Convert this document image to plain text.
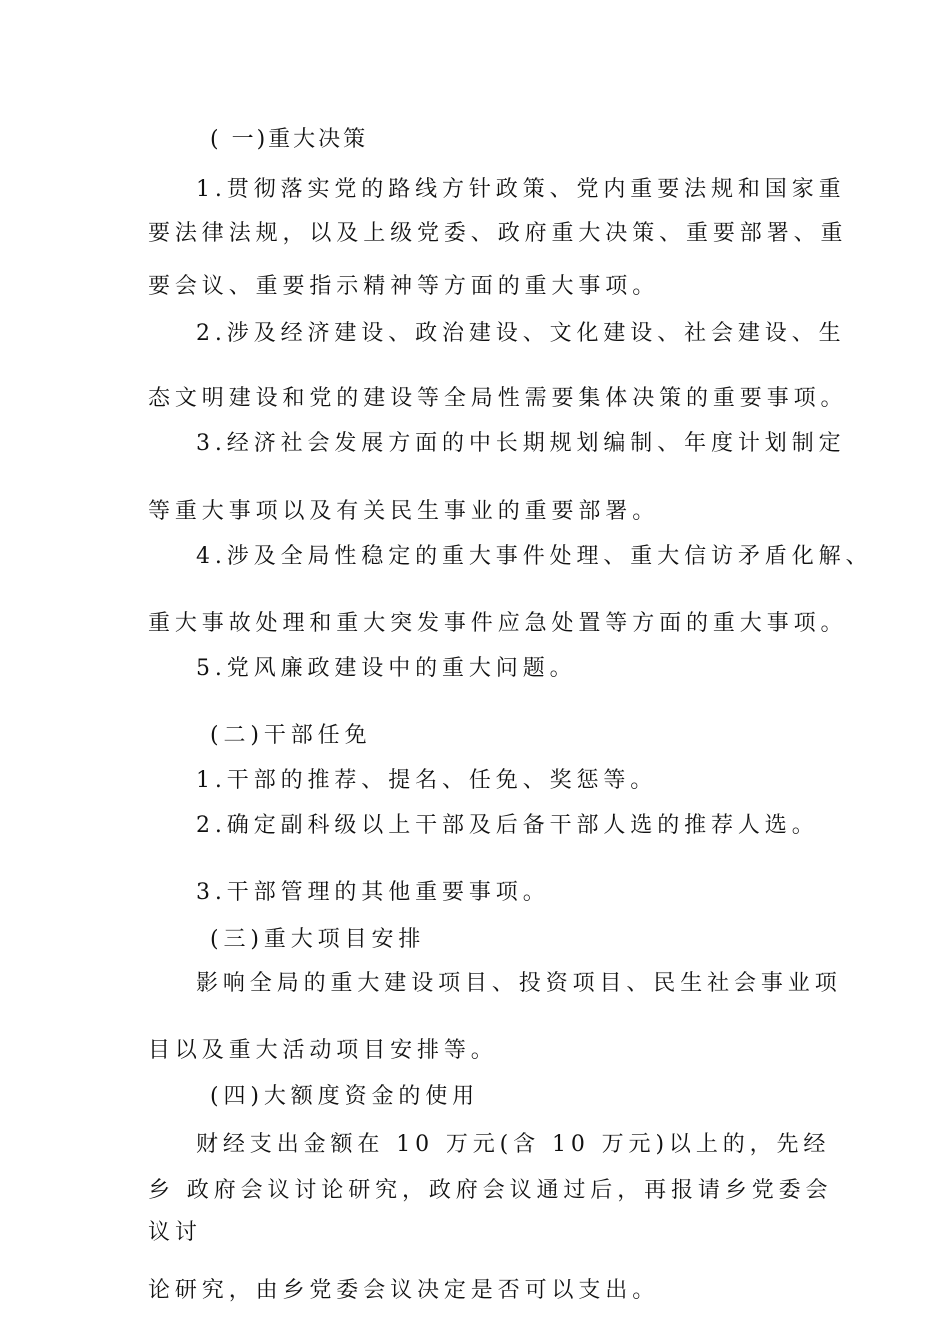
( 一)重大决策
1.贯彻落实党的路线方针政策、党内重要法规和国家重
要法律法规，以及上级党委、政府重大决策、重要部署、重
要会议、重要指示精神等方面的重大事项。
2.涉及经济建设、政治建设、文化建设、社会建设、生
态文明建设和党的建设等全局性需要集体决策的重要事项。
3.经济社会发展方面的中长期规划编制、年度计划制定
等重大事项以及有关民生事业的重要部署。
4.涉及全局性稳定的重大事件处理、重大信访矛盾化解、
重大事故处理和重大突发事件应急处置等方面的重大事项。
5.党风廉政建设中的重大问题。
(二)干部任免
1.干部的推荐、提名、任免、奖惩等。
2.确定副科级以上干部及后备干部人选的推荐人选。
3.干部管理的其他重要事项。
(三)重大项目安排
影响全局的重大建设项目、投资项目、民生社会事业项
目以及重大活动项目安排等。
(四)大额度资金的使用
财经支出金额在 10 万元(含 10 万元)以上的，先经
乡 政府会议讨论研究，政府会议通过后，再报请乡党委会
议讨
论研究，由乡党委会议决定是否可以支出。
